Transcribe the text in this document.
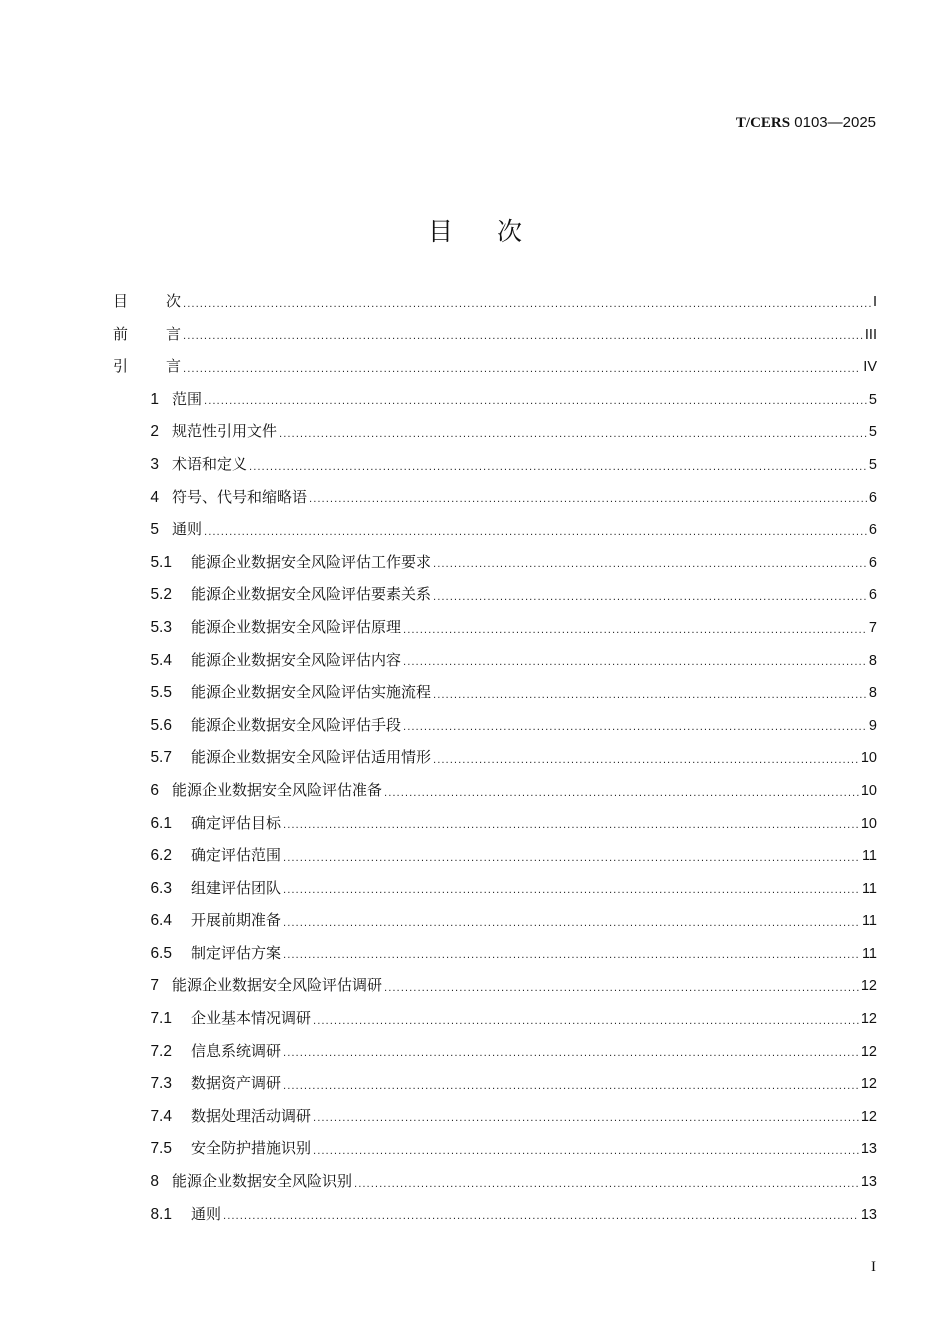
T/CERS 0103—2025
目次
目	次 .....	I
前	言 .....	III
引	言 .....	IV
1 范围 .....	5
2 规范性引用文件 .....	5
3 术语和定义 .....	5
4 符号、代号和缩略语 .....	6
5 通则 .....	6
5.1 能源企业数据安全风险评估工作要求 .....	6
5.2 能源企业数据安全风险评估要素关系 .....	6
5.3 能源企业数据安全风险评估原理 .....	7
5.4 能源企业数据安全风险评估内容 .....	8
5.5 能源企业数据安全风险评估实施流程 .....	8
5.6 能源企业数据安全风险评估手段 .....	9
5.7 能源企业数据安全风险评估适用情形 .....	10
6 能源企业数据安全风险评估准备 .....	10
6.1 确定评估目标 .....	10
6.2 确定评估范围 .....	11
6.3 组建评估团队 .....	11
6.4 开展前期准备 .....	11
6.5 制定评估方案 .....	11
7 能源企业数据安全风险评估调研 .....	12
7.1 企业基本情况调研 .....	12
7.2 信息系统调研 .....	12
7.3 数据资产调研 .....	12
7.4 数据处理活动调研 .....	12
7.5 安全防护措施识别 .....	13
8 能源企业数据安全风险识别 .....	13
8.1 通则 .....	13
I
